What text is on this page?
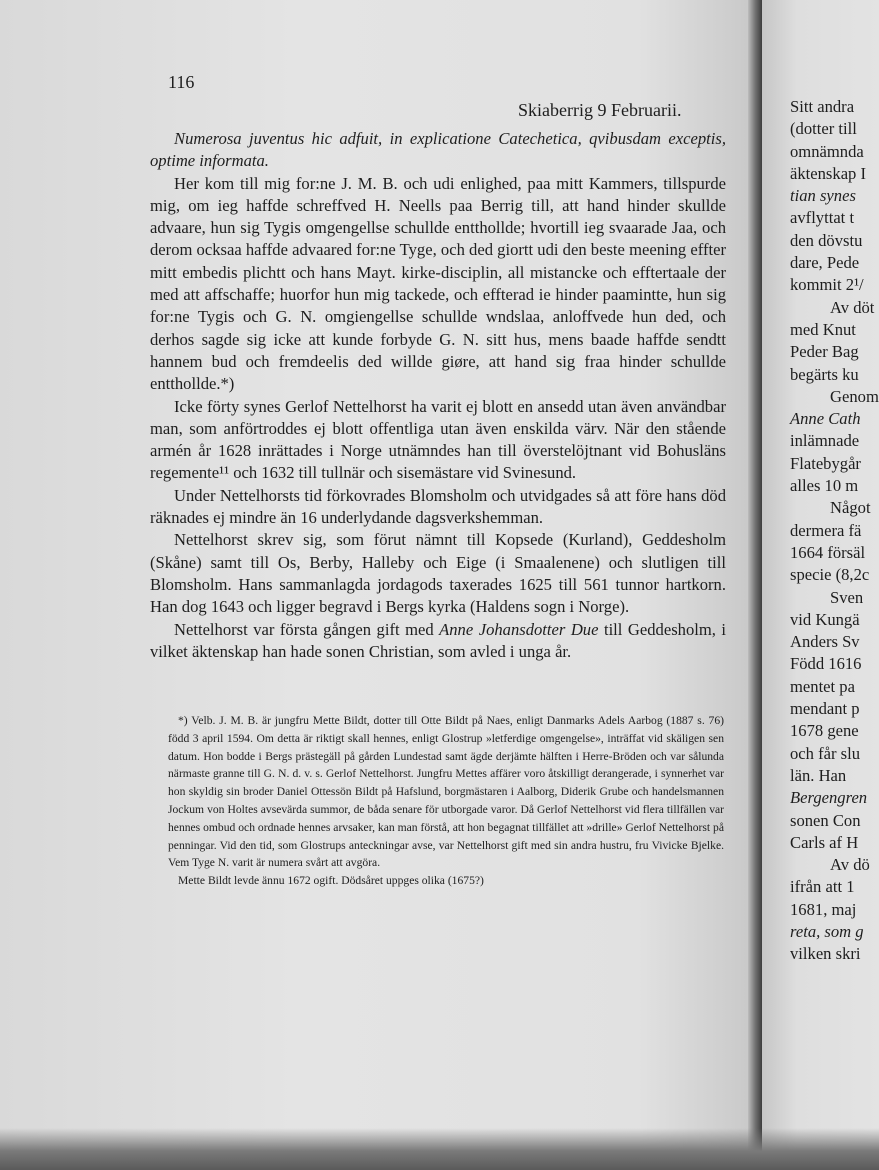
116
Skiaberrig 9 Februarii.

Numerosa juventus hic adfuit, in explicatione Catechetica, qvibusdam exceptis, optime informata.

Her kom till mig for:ne J. M. B. och udi enlighed, paa mitt Kammers, tillspurde mig, om ieg haffde schreffved H. Neells paa Berrig till, att hand hinder skullde advaare, hun sig Tygis omgengellse schullde enttholldе; hvortill ieg svaarade Jaa, och derom ocksaa haffde advaared for:ne Tyge, och ded giortt udi den beste meening effter mitt embedis plichtt och hans Mayt. kirke-disciplin, all mistancke och efftertaale der med att affschaffe; huorfor hun mig tackede, och effterad ie hinder paamintte, hun sig for:ne Tygis och G. N. omgiengellse schullde wndslaa, anloffvede hun ded, och derhos sagde sig icke att kunde forbyde G. N. sitt hus, mens baade haffde sendtt hannem bud och fremdeelis ded willde giøre, att hand sig fraa hinder schullde enttholldе.*)

Icke förty synes Gerlof Nettelhorst ha varit ej blott en ansedd utan även användbar man, som anförtroddes ej blott offentliga utan även enskilda värv. När den stående armén år 1628 inrättades i Norge utnämndes han till överstelöjtnant vid Bohusläns regemente¹¹ och 1632 till tullnär och sisemästare vid Svinesund.

Under Nettelhorsts tid förkovrades Blomsholm och utvidgades så att före hans död räknades ej mindre än 16 underlydande dagsverkshemman.

Nettelhorst skrev sig, som förut nämnt till Kopsede (Kurland), Geddesholm (Skåne) samt till Os, Berby, Halleby och Eige (i Smaalenene) och slutligen till Blomsholm. Hans sammanlagda jordagods taxerades 1625 till 561 tunnor hartkorn. Han dog 1643 och ligger begravd i Bergs kyrka (Haldens sogn i Norge).

Nettelhorst var första gången gift med Anne Johansdotter Due till Geddesholm, i vilket äktenskap han hade sonen Christian, som avled i unga år.

*) Velb. J. M. B. är jungfru Mette Bildt, dotter till Otte Bildt på Naes, enligt Danmarks Adels Aarbog (1887 s. 76) född 3 april 1594. Om detta är riktigt skall hennes, enligt Glostrup »letferdige omgengelse», inträffat vid skäligen sen datum. Hon bodde i Bergs prästegäll på gården Lundestad samt ägde derjämte hälften i Herre-Bröden och var sålunda närmaste granne till G. N. d. v. s. Gerlof Nettelhorst. Jungfru Mettes affärer voro åtskilligt derangerade, i synnerhet var hon skyldig sin broder Daniel Ottessön Bildt på Hafslund, borgmästaren i Aalborg, Diderik Grube och handelsmannen Jockum von Holtes avsevärda summor, de båda senare för utborgade varor. Då Gerlof Nettelhorst vid flera tillfällen var hennes ombud och ordnade hennes arvsaker, kan man förstå, att hon begagnat tillfället att »drille» Gerlof Nettelhorst på penningar. Vid den tid, som Glostrups anteckningar avse, var Nettelhorst gift med sin andra hustru, fru Vivicke Bjelke. Vem Tyge N. varit är numera svårt att avgöra.

Mette Bildt levde ännu 1672 ogift. Dödsåret uppges olika (1675?)

Sitt andra
(dotter till
omnämnda
äktenskap I
tian synes
avflyttat t
den dövstu
dare, Pede
kommit 2¹/
Av döt
med Knut
Peder Bag
begärts ku
Genom
Anne Cath
inlämnade
Flatebygår
alles 10 m
Något
dermera fä
1664 försäl
specie (8,2c
Sven
vid Kungä
Anders Sv
Född 1616
mentet pa
mendant p
1678 gene
och får slu
län. Han
Bergengren
sonen Con
Carls af H
Av dö
ifrån att 1
1681, maj
reta, som g
vilken skri
